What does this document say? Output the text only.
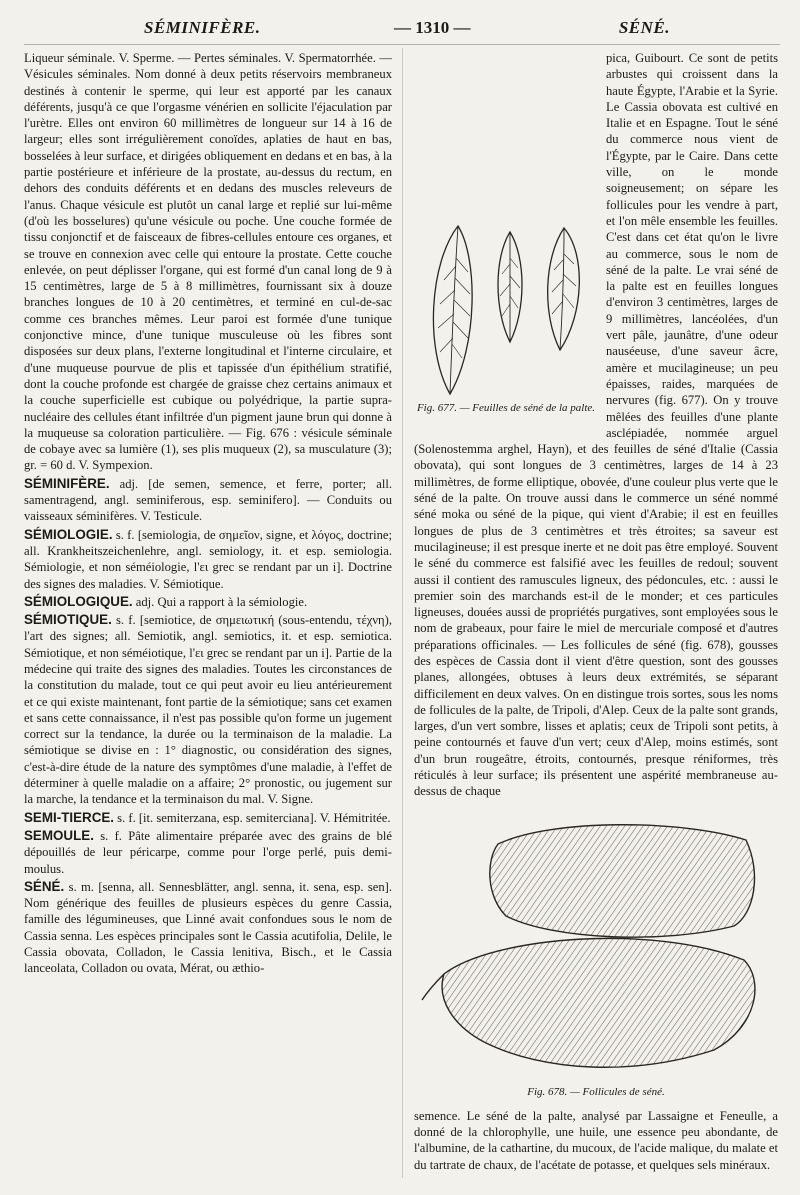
SÉMINIFÈRE.	— 1310 —	SÉNÉ.

Liqueur séminale. V. Sperme. — Pertes séminales. V. Spermatorrhée. — Vésicules séminales. Nom donné à deux petits réservoirs membraneux destinés à contenir le sperme, qui leur est apporté par les canaux déférents, jusqu'à ce que l'orgasme vénérien en sollicite l'éjaculation par l'urètre. Elles ont environ 60 millimètres de longueur sur 14 à 16 de largeur; elles sont irrégulièrement conoïdes, aplaties de haut en bas, bosselées à leur surface, et dirigées obliquement en dedans et en bas, à la partie postérieure et inférieure de la prostate, au-dessus du rectum, en dehors des conduits déférents et en dedans des muscles releveurs de l'anus. Chaque vésicule est plutôt un canal large et replié sur lui-même (d'où les bosselures) qu'une vésicule ou poche. Une couche formée de tissu conjonctif et de faisceaux de fibres-cellules entoure ces organes, et se trouve en connexion avec celle qui entoure la prostate. Cette couche enlevée, on peut déplisser l'organe, qui est formé d'un canal long de 9 à 15 centimètres, large de 5 à 8 millimètres, fournissant six à douze branches longues de 10 à 20 centimètres, et terminé en cul-de-sac comme ces branches mêmes. Leur paroi est formée d'une tunique conjonctive mince, d'une tunique musculeuse où les fibres sont disposées sur deux plans, l'externe longitudinal et l'interne circulaire, et d'une muqueuse pourvue de plis et tapissée d'un épithélium stratifié, dont la couche profonde est chargée de graisse chez certains animaux et la couche superficielle est cubique ou polyédrique, la partie supra-nucléaire des cellules étant infiltrée d'un pigment jaune brun qui donne à la muqueuse sa coloration particulière. — Fig. 676 : vésicule séminale de cobaye avec sa lumière (1), ses plis muqueux (2), sa musculature (3); gr. = 60 d. V. Sympexion.

SÉMINIFÈRE. adj. [de semen, semence, et ferre, porter; all. samentragend, angl. seminiferous, esp. seminifero]. — Conduits ou vaisseaux séminifères. V. Testicule.

SÉMIOLOGIE. s. f. [semiologia, de σημεῖον, signe, et λόγος, doctrine; all. Krankheitszeichenlehre, angl. semiology, it. et esp. semiologia. Sémiologie, et non séméiologie, l'ει grec se rendant par un i]. Doctrine des signes des maladies. V. Sémiotique.

SÉMIOLOGIQUE. adj. Qui a rapport à la sémiologie.

SÉMIOTIQUE. s. f. [semiotice, de σημειωτική (sous-entendu, τέχνη), l'art des signes; all. Semiotik, angl. semiotics, it. et esp. semiotica. Sémiotique, et non séméiotique, l'ει grec se rendant par un i]. Partie de la médecine qui traite des signes des maladies. Toutes les circonstances de la constitution du malade, tout ce qui peut avoir eu lieu antérieurement et ce qui existe maintenant, font partie de la sémiotique; sans cet examen et sans cette connaissance, il n'est pas possible qu'on forme un jugement correct sur la tendance, la durée ou la terminaison de la maladie. La sémiotique se divise en : 1° diagnostic, ou considération des signes, c'est-à-dire étude de la nature des symptômes d'une maladie, à l'effet de déterminer à quelle maladie on a affaire; 2° pronostic, ou jugement sur la marche, la tendance et la terminaison du mal. V. Signe.

SEMI-TIERCE. s. f. [it. semiterzana, esp. semiterciana]. V. Hémitritée.

SEMOULE. s. f. Pâte alimentaire préparée avec des grains de blé dépouillés de leur péricarpe, comme pour l'orge perlé, puis demi-moulus.

SÉNÉ. s. m. [senna, all. Sennesblätter, angl. senna, it. sena, esp. sen]. Nom générique des feuilles de plusieurs espèces du genre Cassia, famille des légumineuses, que Linné avait confondues sous le nom de Cassia senna. Les espèces principales sont le Cassia acutifolia, Delile, le Cassia obovata, Colladon, le Cassia lenitiva, Bisch., et le Cassia lanceolata, Colladon ou ovata, Mérat, ou æthio-

Fig. 677. — Feuilles de séné de la palte.

pica, Guibourt. Ce sont de petits arbustes qui croissent dans la haute Égypte, l'Arabie et la Syrie. Le Cassia obovata est cultivé en Italie et en Espagne. Tout le séné du commerce nous vient de l'Égypte, par le Caire. Dans cette ville, on le monde soigneusement; on sépare les follicules pour les vendre à part, et l'on mêle ensemble les feuilles. C'est dans cet état qu'on le livre au commerce, sous le nom de séné de la palte. Le vrai séné de la palte est en feuilles longues d'environ 3 centimètres, larges de 9 millimètres, lancéolées, d'un vert pâle, jaunâtre, d'une odeur nauséeuse, d'une saveur âcre, amère et mucilagineuse; un peu épaisses, raides, marquées de nervures (fig. 677). On y trouve mêlées des feuilles d'une plante asclépiadée, nommée arguel (Solenostemma arghel, Hayn), et des feuilles de séné d'Italie (Cassia obovata), qui sont longues de 3 centimètres, larges de 14 à 23 millimètres, de forme elliptique, obovée, d'une couleur plus verte que le séné de la palte. On trouve aussi dans le commerce un séné nommé séné moka ou séné de la pique, qui vient d'Arabie; il est en feuilles longues de plus de 3 centimètres et très étroites; sa saveur est mucilagineuse; il est presque inerte et ne doit pas être employé. Souvent le séné du commerce est falsifié avec les feuilles de redoul; souvent aussi il contient des ramuscules ligneux, des pédoncules, etc. : aussi le premier soin des marchands est-il de le monder; et ces particules ligneuses, douées aussi de propriétés purgatives, sont employées sous le nom de grabeaux, pour faire le miel de mercuriale composé et d'autres préparations officinales. — Les follicules de séné (fig. 678), gousses des espèces de Cassia dont il vient d'être question, sont des gousses planes, allongées, obtuses à leurs deux extrémités, se séparant difficilement en deux valves. On en distingue trois sortes, sous les noms de follicules de la palte, de Tripoli, d'Alep. Ceux de la palte sont grands, larges, d'un vert sombre, lisses et aplatis; ceux de Tripoli sont petits, à peine contournés et fauve d'un vert; ceux d'Alep, moins estimés, sont d'un brun rougeâtre, étroits, contournés, presque réniformes, très réticulés à leur surface; ils présentent une aspérité membraneuse au-dessus de chaque

Fig. 678. — Follicules de séné.

semence. Le séné de la palte, analysé par Lassaigne et Feneulle, a donné de la chlorophylle, une huile, une essence peu abondante, de l'albumine, de la cathartine, du mucoux, de l'acide malique, du malate et du tartrate de chaux, de l'acétate de potasse, et quelques sels minéraux.
